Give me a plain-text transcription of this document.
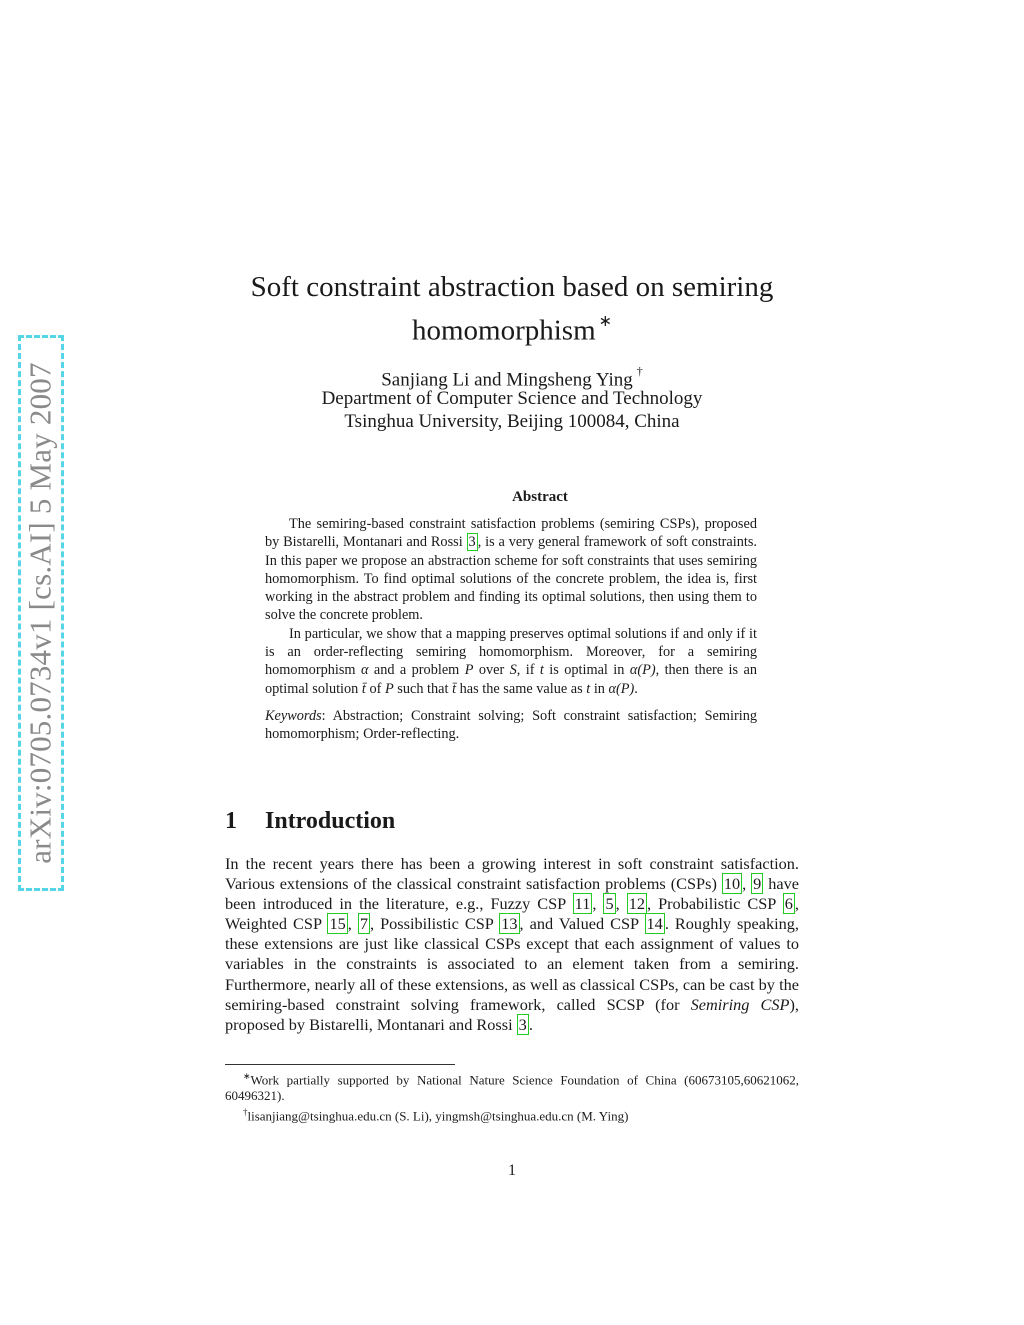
arXiv:0705.0734v1 [cs.AI] 5 May 2007
Soft constraint abstraction based on semiring
homomorphism ∗

Sanjiang Li and Mingsheng Ying †

Department of Computer Science and Technology

Tsinghua University, Beijing 100084, China

Abstract

The semiring-based constraint satisfaction problems (semiring CSPs), proposed by Bistarelli, Montanari and Rossi 3 , is a very general framework of soft constraints. In this paper we propose an abstraction scheme for soft constraints that uses semiring homomorphism. To find optimal solutions of the concrete problem, the idea is, first working in the abstract problem and finding its optimal solutions, then using them to solve the concrete problem.

In particular, we show that a mapping preserves optimal solutions if and only if it is an order-reflecting semiring homomorphism. Moreover, for a semiring homomorphism α and a problem P over S, if t is optimal in α(P), then there is an optimal solution t̄ of P such that t̄ has the same value as t in α(P).

Keywords: Abstraction; Constraint solving; Soft constraint satisfaction; Semiring homomorphism; Order-reflecting.

1 Introduction

In the recent years there has been a growing interest in soft constraint satisfaction. Various extensions of the classical constraint satisfaction problems (CSPs) 10 , 9 have been introduced in the literature, e.g., Fuzzy CSP 11 , 5 , 12 , Probabilistic CSP 6 , Weighted CSP 15 , 7 , Possibilistic CSP 13 , and Valued CSP 14 . Roughly speaking, these extensions are just like classical CSPs except that each assignment of values to variables in the constraints is associated to an element taken from a semiring. Furthermore, nearly all of these extensions, as well as classical CSPs, can be cast by the semiring-based constraint solving framework, called SCSP (for Semiring CSP), proposed by Bistarelli, Montanari and Rossi 3 .

∗Work partially supported by National Nature Science Foundation of China (60673105,60621062, 60496321).

†lisanjiang@tsinghua.edu.cn (S. Li), yingmsh@tsinghua.edu.cn (M. Ying)

1
